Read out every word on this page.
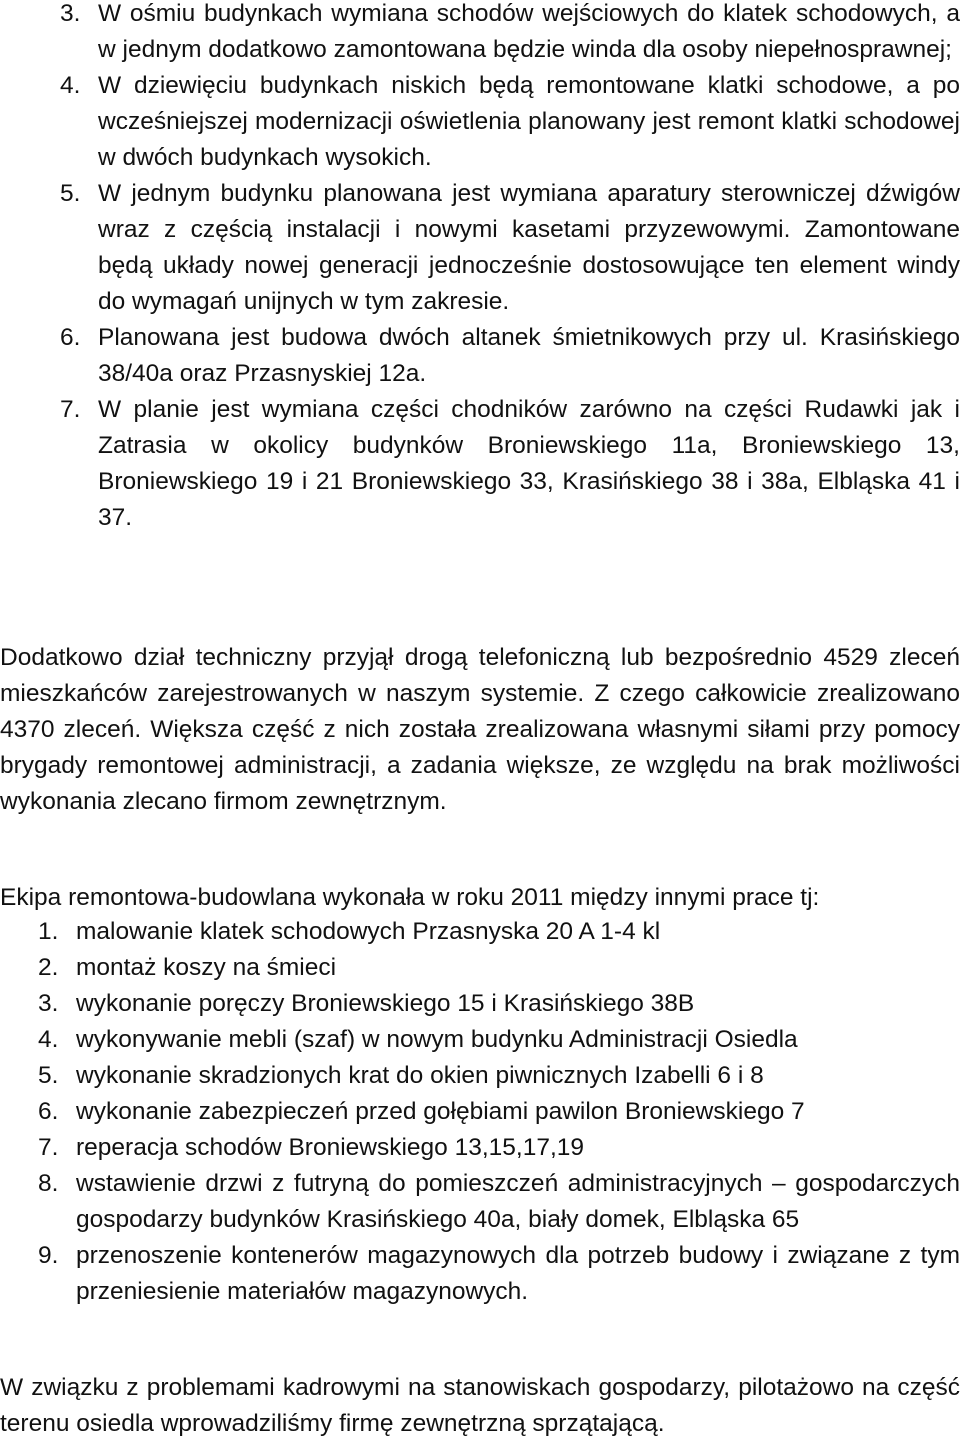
3. W ośmiu budynkach wymiana schodów wejściowych do klatek schodowych, a w jednym dodatkowo zamontowana będzie winda dla osoby niepełnosprawnej;
4. W dziewięciu budynkach niskich będą remontowane klatki schodowe, a po wcześniejszej modernizacji oświetlenia planowany jest remont klatki schodowej w dwóch budynkach wysokich.
5. W jednym budynku planowana jest wymiana aparatury sterowniczej dźwigów wraz z częścią instalacji i nowymi kasetami przyzewowymi. Zamontowane będą układy nowej generacji jednocześnie dostosowujące ten element windy do wymagań unijnych w tym zakresie.
6. Planowana jest budowa dwóch altanek śmietnikowych przy ul. Krasińskiego 38/40a oraz Przasnyskiej 12a.
7. W planie jest wymiana części chodników zarówno na części Rudawki jak i Zatrasia w okolicy budynków Broniewskiego 11a, Broniewskiego 13, Broniewskiego 19 i 21 Broniewskiego 33, Krasińskiego 38 i 38a, Elbląska 41 i 37.

Dodatkowo dział techniczny przyjął drogą telefoniczną lub bezpośrednio 4529 zleceń mieszkańców zarejestrowanych w naszym systemie. Z czego całkowicie zrealizowano 4370 zleceń. Większa część z nich została zrealizowana własnymi siłami przy pomocy brygady remontowej administracji, a zadania większe, ze względu na brak możliwości wykonania zlecano firmom zewnętrznym.

Ekipa remontowa-budowlana wykonała w roku 2011 między innymi prace tj:

1. malowanie klatek schodowych Przasnyska 20 A 1-4 kl
2. montaż koszy na śmieci
3. wykonanie poręczy Broniewskiego 15 i Krasińskiego 38B
4. wykonywanie mebli (szaf) w nowym budynku Administracji Osiedla
5. wykonanie skradzionych krat do okien piwnicznych Izabelli 6 i 8
6. wykonanie zabezpieczeń przed gołębiami pawilon Broniewskiego 7
7. reperacja schodów Broniewskiego 13,15,17,19
8. wstawienie drzwi z futryną do pomieszczeń administracyjnych – gospodarczych gospodarzy budynków Krasińskiego 40a, biały domek, Elbląska 65
9. przenoszenie kontenerów magazynowych dla potrzeb budowy i związane z tym przeniesienie materiałów magazynowych.

W związku z problemami kadrowymi na stanowiskach gospodarzy, pilotażowo na część terenu osiedla wprowadziliśmy firmę zewnętrzną sprzątającą.
